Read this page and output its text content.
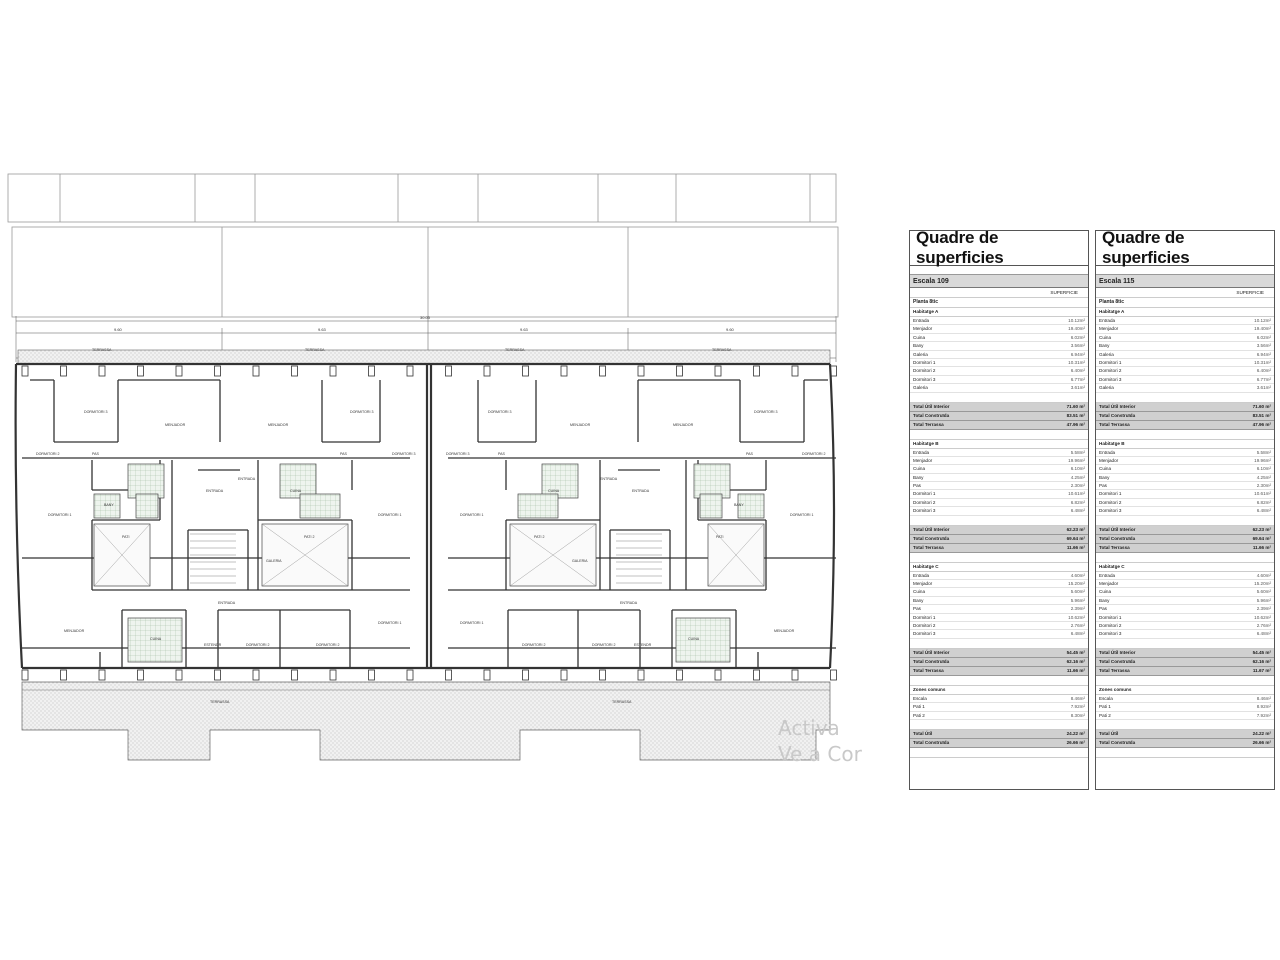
30.03
9.60	9.63	9.63	9.60
TERRASSA	TERRASSA	TERRASSA	TERRASSA
TERRASSA	TERRASSA
DORMITORI 3	DORMITORI 3
MENJADOR	MENJADOR
MENJADOR	MENJADOR
DORMITORI 3	DORMITORI 3
DORMITORI 2	DORMITORI 2
PAS	PAS
PAS	PAS
DORMITORI 3	DORMITORI 3
DORMITORI 1	DORMITORI 1
DORMITORI 1	DORMITORI 1
ENTRADA	ENTRADA
ENTRADA	ENTRADA
PATI	PATI
PATI 2	PATI 2
GALERIA	GALERIA
MENJADOR	MENJADOR
ENTRADA	ENTRADA
ESTENDR	ESTENDR
DORMITORI 2	DORMITORI 2
DORMITORI 2	DORMITORI 2
DORMITORI 1	DORMITORI 1
CUINA	CUINA
BANY	BANY
CUINA	CUINA
Activa
Ve a Cor
Quadre de superficies
Escala 109
SUPERFICIE
Planta 8tic
Habitatge A
Entrada	10.12m²
Menjador	19.40m²
Cuina	6.02m²
Bany	3.56m²
Galeria	6.94m²
Dormitori 1	10.31m²
Dormitori 2	6.40m²
Dormitori 3	6.77m²
Galeria	3.61m²
Total Útil Interior	71.60 m²
Total Construïda	83.51 m²
Total Terrassa	47.96 m²
Habitatge B
Entrada	5.58m²
Menjador	19.96m²
Cuina	6.10m²
Bany	4.25m²
Pas	2.30m²
Dormitori 1	10.61m²
Dormitori 2	6.82m²
Dormitori 3	6.48m²
Total Útil Interior	62.23 m²
Total Construïda	69.64 m²
Total Terrassa	11.66 m²
Habitatge C
Entrada	4.60m²
Menjador	15.20m²
Cuina	5.60m²
Bany	5.96m²
Pas	2.39m²
Dormitori 1	10.62m²
Dormitori 2	2.76m²
Dormitori 3	6.48m²
Total Útil Interior	54.45 m²
Total Construïda	62.16 m²
Total Terrassa	11.66 m²
Zones comuns
Escala	8.46m²
Pati 1	7.92m²
Pati 2	8.30m²
Total Útil	24.22 m²
Total Construïda	26.66 m²
Quadre de superficies
Escala 115
SUPERFICIE
Planta 8tic
Habitatge A
Entrada	10.12m²
Menjador	19.40m²
Cuina	6.02m²
Bany	3.56m²
Galeria	6.94m²
Dormitori 1	10.31m²
Dormitori 2	6.40m²
Dormitori 3	6.77m²
Galeria	3.61m²
Total Útil Interior	71.60 m²
Total Construïda	83.51 m²
Total Terrassa	47.96 m²
Habitatge B
Entrada	5.58m²
Menjador	19.96m²
Cuina	6.10m²
Bany	4.25m²
Pas	2.30m²
Dormitori 1	10.61m²
Dormitori 2	6.82m²
Dormitori 3	6.48m²
Total Útil Interior	62.23 m²
Total Construïda	69.64 m²
Total Terrassa	11.66 m²
Habitatge C
Entrada	4.60m²
Menjador	15.20m²
Cuina	5.60m²
Bany	5.96m²
Pas	2.39m²
Dormitori 1	10.62m²
Dormitori 2	2.76m²
Dormitori 3	6.48m²
Total Útil Interior	54.45 m²
Total Construïda	62.16 m²
Total Terrassa	11.67 m²
Zones comuns
Escala	8.46m²
Pati 1	8.92m²
Pati 2	7.92m²
Total Útil	24.22 m²
Total Construïda	26.66 m²
